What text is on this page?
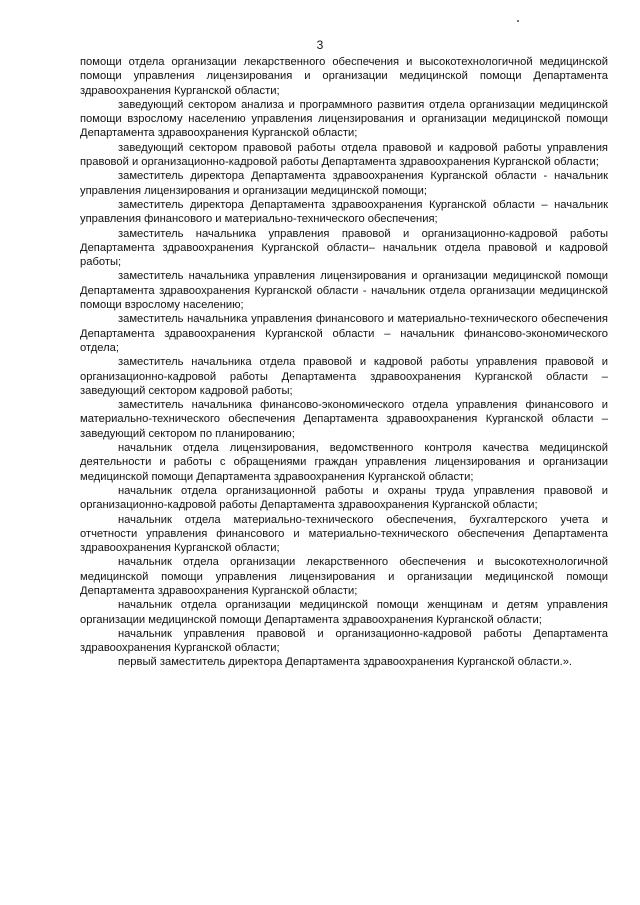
3

помощи отдела организации лекарственного обеспечения и высокотехнологичной медицинской помощи управления лицензирования и организации медицинской помощи Департамента здравоохранения Курганской области;

заведующий сектором анализа и программного развития отдела организации медицинской помощи взрослому населению управления лицензирования и организации медицинской помощи Департамента здравоохранения Курганской области;

заведующий сектором правовой работы отдела правовой и кадровой работы управления правовой и организационно-кадровой работы Департамента здравоохранения Курганской области;

заместитель директора Департамента здравоохранения Курганской области - начальник управления лицензирования и организации медицинской помощи;

заместитель директора Департамента здравоохранения Курганской области – начальник управления финансового и материально-технического обеспечения;

заместитель начальника управления правовой и организационно-кадровой работы Департамента здравоохранения Курганской области– начальник отдела правовой и кадровой работы;

заместитель начальника управления лицензирования и организации медицинской помощи Департамента здравоохранения Курганской области - начальник отдела организации медицинской помощи взрослому населению;

заместитель начальника управления финансового и материально-технического обеспечения Департамента здравоохранения Курганской области – начальник финансово-экономического отдела;

заместитель начальника отдела правовой и кадровой работы управления правовой и организационно-кадровой работы Департамента здравоохранения Курганской области – заведующий сектором кадровой работы;

заместитель начальника финансово-экономического отдела управления финансового и материально-технического обеспечения Департамента здравоохранения Курганской области – заведующий сектором по планированию;

начальник отдела лицензирования, ведомственного контроля качества медицинской деятельности и работы с обращениями граждан управления лицензирования и организации медицинской помощи Департамента здравоохранения Курганской области;

начальник отдела организационной работы и охраны труда управления правовой и организационно-кадровой работы Департамента здравоохранения Курганской области;

начальник отдела материально-технического обеспечения, бухгалтерского учета и отчетности управления финансового и материально-технического обеспечения Департамента здравоохранения Курганской области;

начальник отдела организации лекарственного обеспечения и высокотехнологичной медицинской помощи управления лицензирования и организации медицинской помощи Департамента здравоохранения Курганской области;

начальник отдела организации медицинской помощи женщинам и детям управления организации медицинской помощи Департамента здравоохранения Курганской области;

начальник управления правовой и организационно-кадровой работы Департамента здравоохранения Курганской области;

первый заместитель директора Департамента здравоохранения Курганской области.».
